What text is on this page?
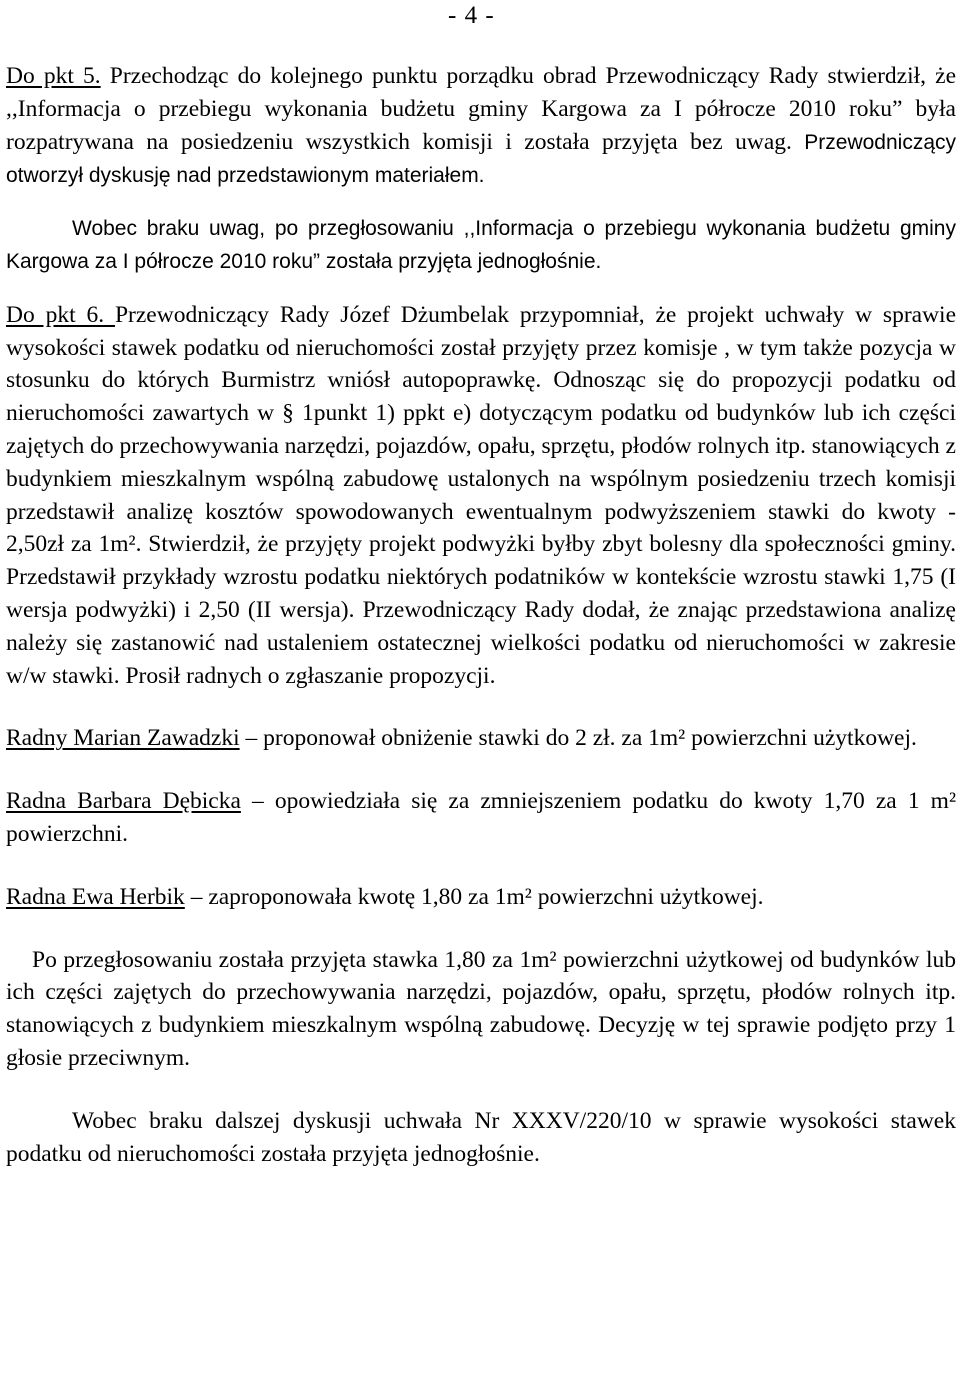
- 4 -

Do pkt 5. Przechodząc do kolejnego punktu porządku obrad Przewodniczący Rady stwierdził, że ,,Informacja o przebiegu wykonania budżetu gminy Kargowa za I półrocze 2010 roku” była rozpatrywana na posiedzeniu wszystkich komisji i została przyjęta bez uwag. Przewodniczący otworzył dyskusję nad przedstawionym materiałem.

Wobec braku uwag, po przegłosowaniu ,,Informacja o przebiegu wykonania budżetu gminy Kargowa za I półrocze 2010 roku” została przyjęta jednogłośnie.

Do pkt 6. Przewodniczący Rady Józef Dżumbelak przypomniał, że projekt uchwały w sprawie wysokości stawek podatku od nieruchomości został przyjęty przez komisje , w tym także pozycja w stosunku do których Burmistrz wniósł autopoprawkę. Odnosząc się do propozycji podatku od nieruchomości zawartych w § 1punkt 1) ppkt e) dotyczącym podatku od budynków lub ich części zajętych do przechowywania narzędzi, pojazdów, opału, sprzętu, płodów rolnych itp. stanowiących z budynkiem mieszkalnym wspólną zabudowę ustalonych na wspólnym posiedzeniu trzech komisji przedstawił analizę kosztów spowodowanych ewentualnym podwyższeniem stawki do kwoty - 2,50zł za 1m². Stwierdził, że przyjęty projekt podwyżki byłby zbyt bolesny dla społeczności gminy. Przedstawił przykłady wzrostu podatku niektórych podatników w kontekście wzrostu stawki 1,75 (I wersja podwyżki) i 2,50 (II wersja). Przewodniczący Rady dodał, że znając przedstawiona analizę należy się zastanowić nad ustaleniem ostatecznej wielkości podatku od nieruchomości w zakresie w/w stawki. Prosił radnych o zgłaszanie propozycji.

Radny Marian Zawadzki – proponował obniżenie stawki do 2 zł. za 1m² powierzchni użytkowej.

Radna Barbara Dębicka – opowiedziała się za zmniejszeniem podatku do kwoty 1,70 za 1 m² powierzchni.

Radna Ewa Herbik – zaproponowała kwotę 1,80 za 1m² powierzchni użytkowej.

Po przegłosowaniu została przyjęta stawka 1,80 za 1m² powierzchni użytkowej od budynków lub ich części zajętych do przechowywania narzędzi, pojazdów, opału, sprzętu, płodów rolnych itp. stanowiących z budynkiem mieszkalnym wspólną zabudowę. Decyzję w tej sprawie podjęto przy 1 głosie przeciwnym.

Wobec braku dalszej dyskusji uchwała Nr XXXV/220/10 w sprawie wysokości stawek podatku od nieruchomości została przyjęta jednogłośnie.
